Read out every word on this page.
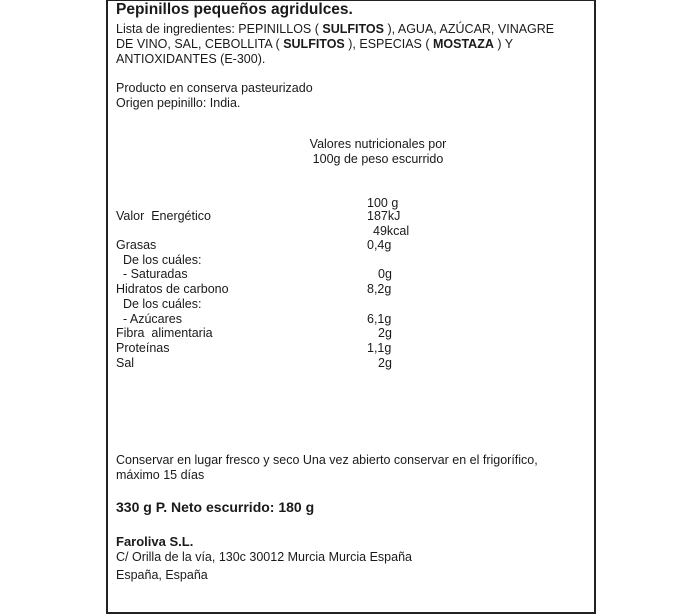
Pepinillos pequeños agridulces.
Lista de ingredientes: PEPINILLOS ( SULFITOS ), AGUA, AZÚCAR, VINAGRE
DE VINO, SAL, CEBOLLITA ( SULFITOS ), ESPECIAS ( MOSTAZA ) Y
ANTIOXIDANTES (E-300).
Producto en conserva pasteurizado
Origen pepinillo: India.
Valores nutricionales por
100g de peso escurrido
100 g
Valor  Energético	187kJ
49kcal
Grasas	0,4g
De los cuáles:
- Saturadas	0g
Hidratos de carbono	8,2g
De los cuáles:
- Azúcares	6,1g
Fibra  alimentaria	2g
Proteínas	1,1g
Sal	2g
Conservar en lugar fresco y seco Una vez abierto conservar en el frigorífico,
máximo 15 días
330 g P. Neto escurrido: 180 g
Faroliva S.L.
C/ Orilla de la vía, 130c 30012 Murcia Murcia España
España, España
